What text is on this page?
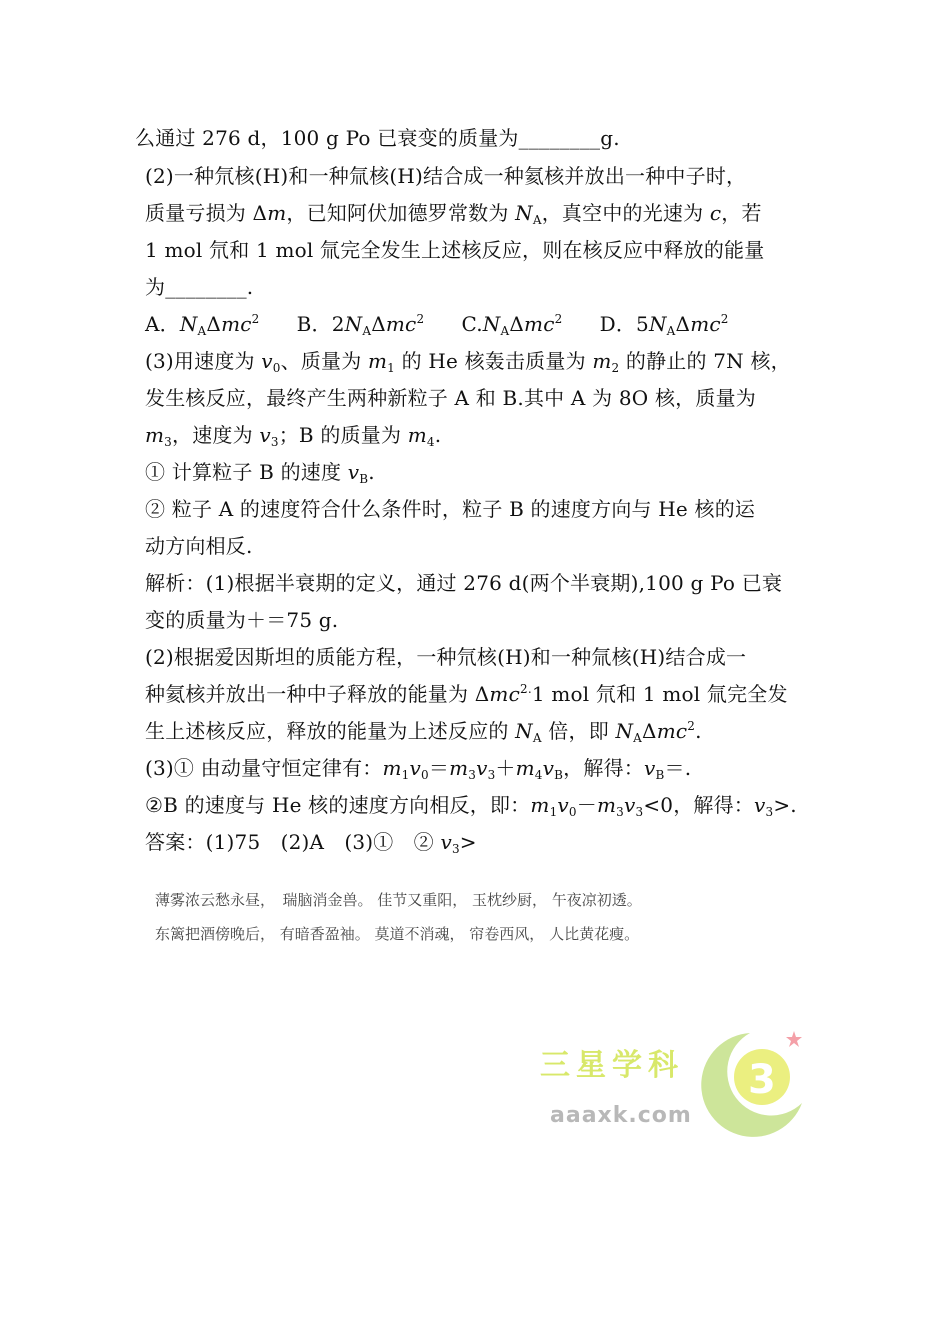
么通过 276 d，100 g Po 已衰变的质量为________g.
(2)一种氘核(H)和一种氚核(H)结合成一种氦核并放出一种中子时，
质量亏损为 Δm，已知阿伏加德罗常数为 $N_A$，真空中的光速为 c，若
1 mol 氘和 1 mol 氚完全发生上述核反应，则在核反应中释放的能量
为________.
A．$N_A\Delta mc^2$ B．$2N_A\Delta mc^2$ $C.N_A\Delta mc^2$ D．$5N_A\Delta mc^2$
(3)用速度为 $v_0$、质量为 $m_1$ 的 He 核轰击质量为 $m_2$ 的静止的 7N 核，
发生核反应，最终产生两种新粒子 A 和 B.其中 A 为 8O 核，质量为
$m_3$，速度为 $v_3$；B 的质量为 $m_4$.
① 计算粒子 B 的速度 $v_B$.
② 粒子 A 的速度符合什么条件时，粒子 B 的速度方向与 He 核的运
动方向相反.
解析：(1)根据半衰期的定义，通过 276 d(两个半衰期),100 g Po 已衰
变的质量为＋＝75 g.
(2)根据爱因斯坦的质能方程，一种氘核(H)和一种氚核(H)结合成一
种氦核并放出一种中子释放的能量为 Δmc$^{2.}$1 mol 氘和 1 mol 氚完全发
生上述核反应，释放的能量为上述反应的 $N_A$ 倍，即 $N_A\Delta mc^2$.
(3)① 由动量守恒定律有：$m_1v_0=m_3v_3+m_4v_B$，解得：$v_B=$.
②B 的速度与 He 核的速度方向相反，即：$m_1v_0-m_3v_3<0$，解得：$v_3>$.
答案：(1)75　(2)A　(3)①　② $v_3>$
薄雾浓云愁永昼，　瑞脑消金兽。 佳节又重阳， 玉枕纱厨， 午夜凉初透。
东篱把酒傍晚后， 有暗香盈袖。 莫道不消魂， 帘卷西风， 人比黄花瘦。
三星学科
aaaxk.com
3
